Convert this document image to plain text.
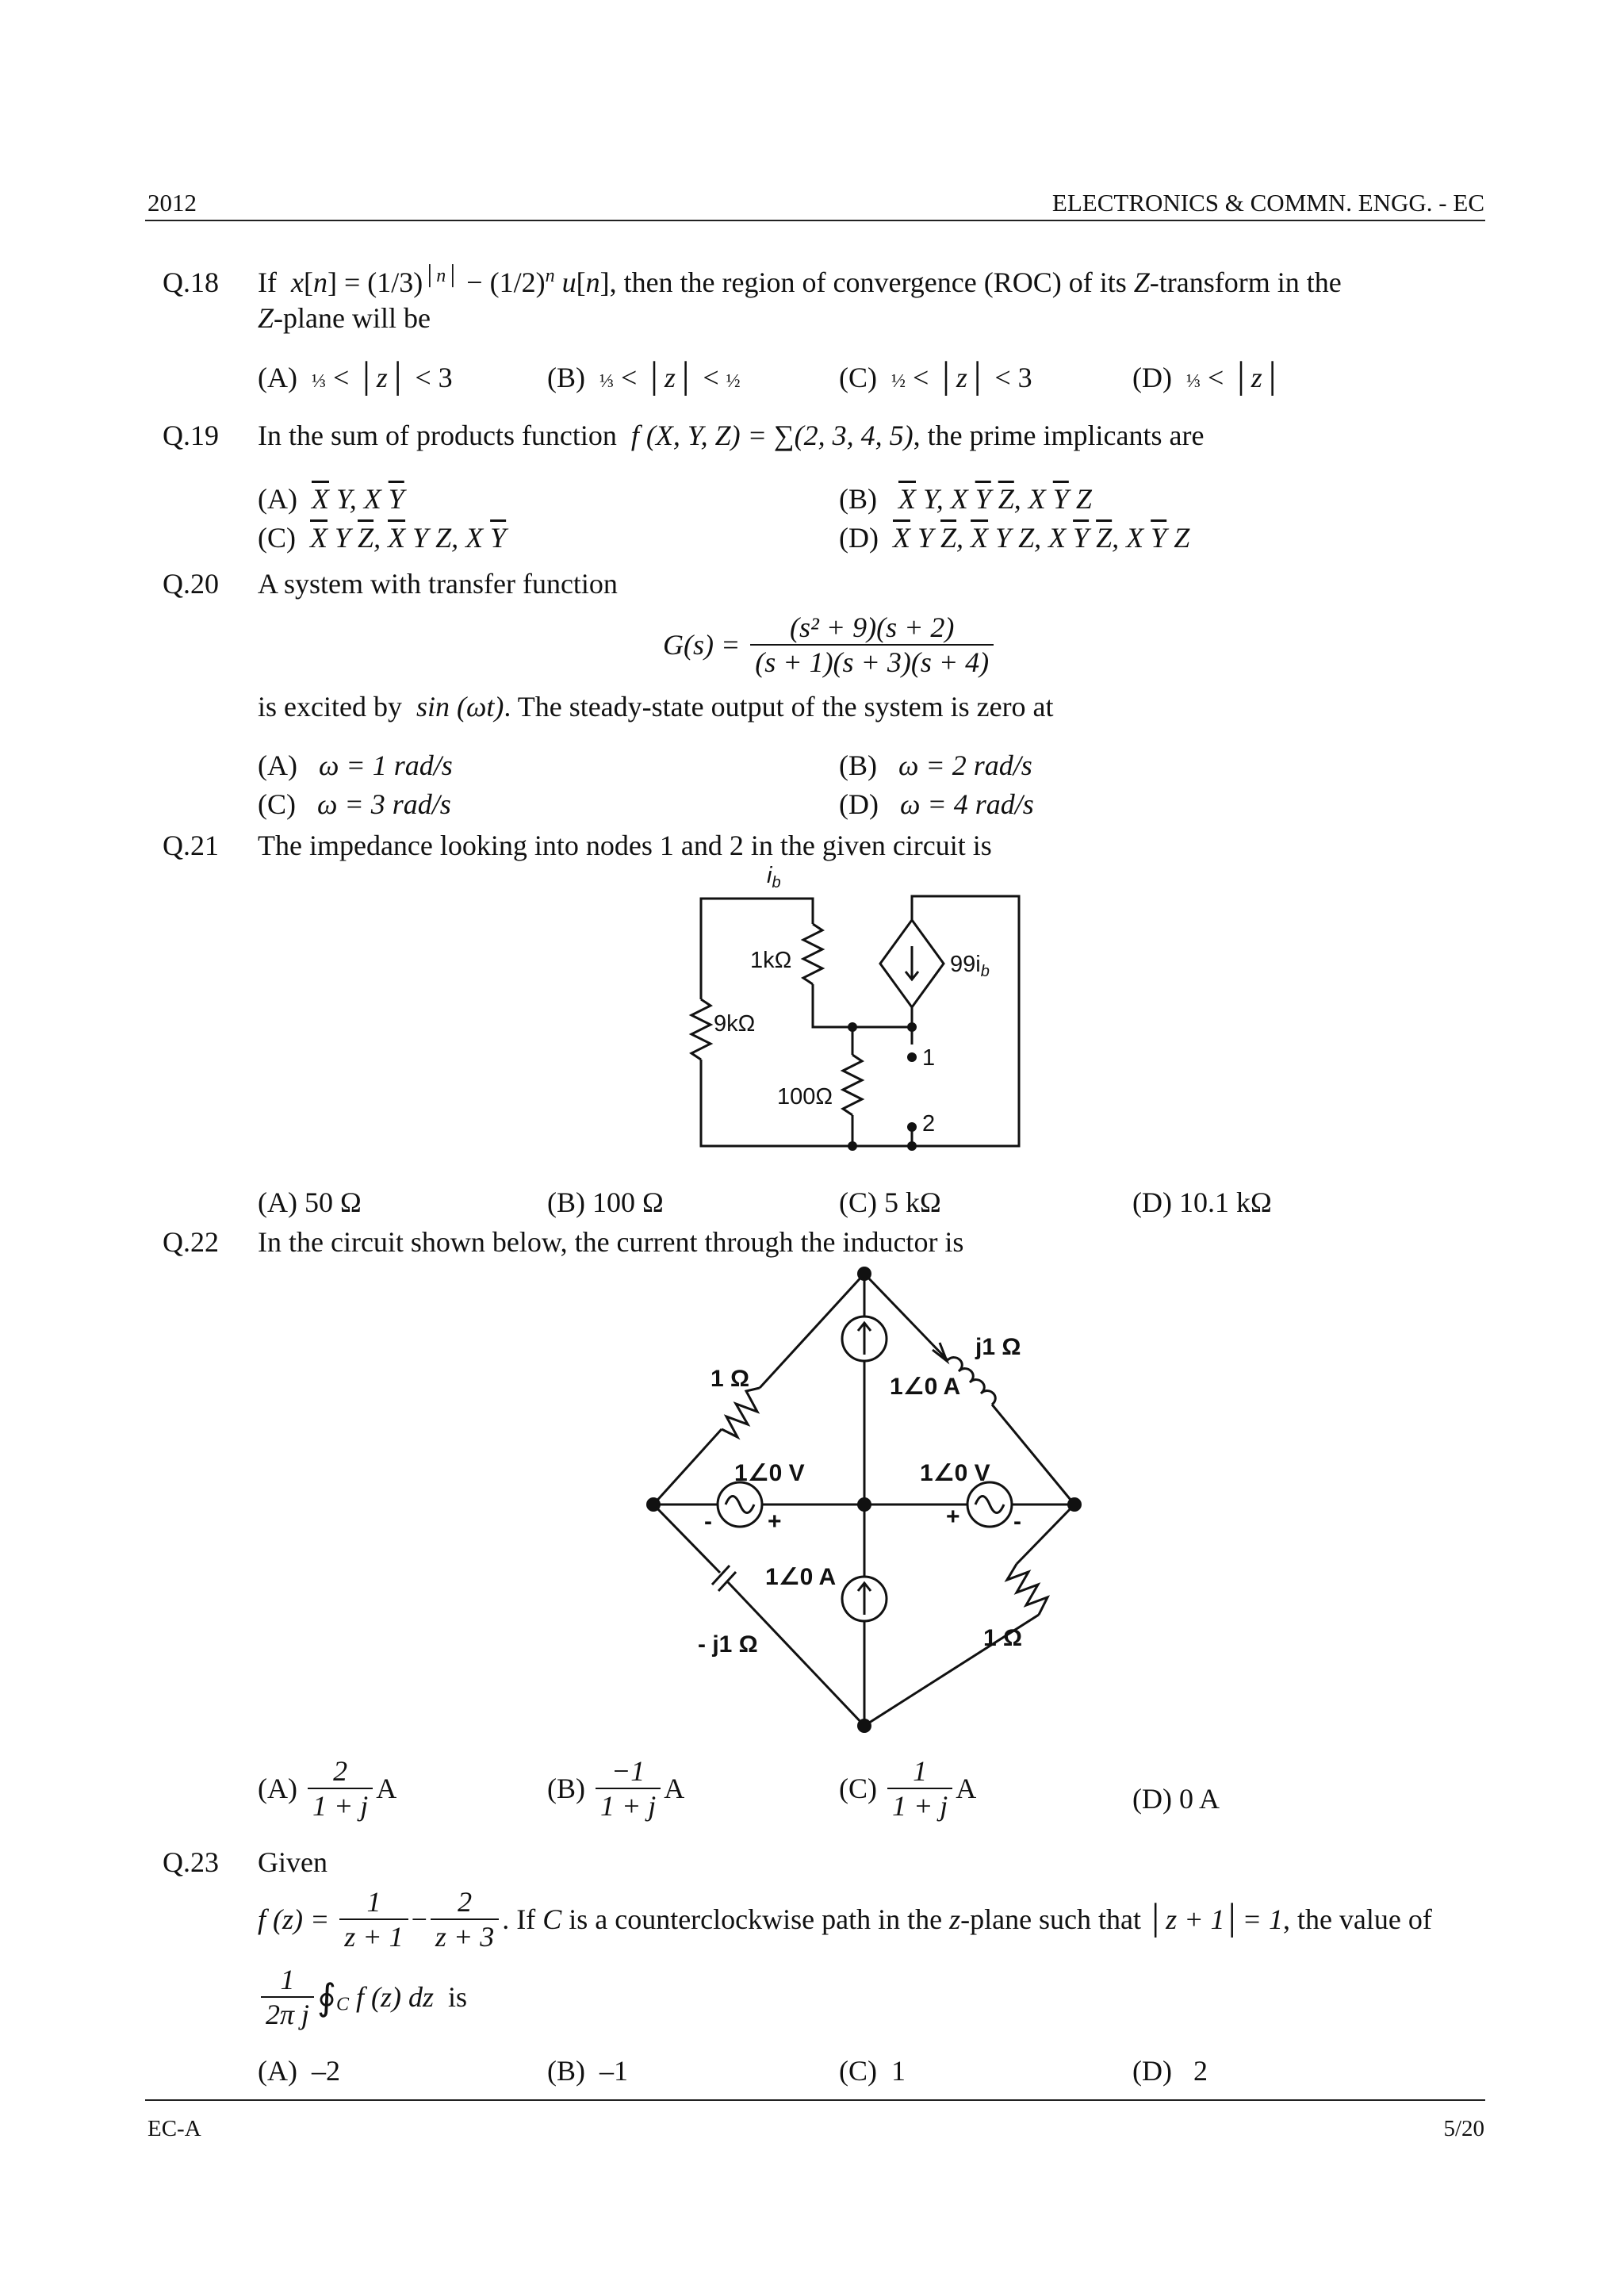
2012	ELECTRONICS & COMMN. ENGG. - EC
Q.18 If $x[n] = (1/3)^{│n│} - (1/2)^n$ u[n], then the region of convergence (ROC) of its Z-transform in the
Z-plane will be
(A) ⅓ < │z│ < 3	(B) ⅓ < │z│ < ½	(C) ½ < │z│ < 3	(D) ⅓ < │z│
Q.19 In the sum of products function f (X, Y, Z) = ∑(2, 3, 4, 5), the prime implicants are
(A) $\overline{X}$ Y, X $\overline{Y}$	(B) $\overline{X}$ Y, X $\overline{Y}$ $\overline{Z}$, X $\overline{Y}$ Z
(C) $\overline{X}$ Y $\overline{Z}$, $\overline{X}$ Y Z, X $\overline{Y}$	(D) $\overline{X}$ Y $\overline{Z}$, $\overline{X}$ Y Z, X $\overline{Y}$ $\overline{Z}$, X $\overline{Y}$ Z
Q.20 A system with transfer function
$G(s) = \frac{\text{(s² + 9)(s + 2)}}{(s + 1)(s + 3)(s + 4)}$
is excited by sin (ωt). The steady-state output of the system is zero at
(A) ω = 1 rad/s	(B) ω = 2 rad/s
(C) ω = 3 rad/s	(D) ω = 4 rad/s
Q.21 The impedance looking into nodes 1 and 2 in the given circuit is
$i_b$
1kΩ
9kΩ
100Ω
$99i_b$
1
2
(A) 50 Ω	(B) 100 Ω	(C) 5 kΩ	(D) 10.1 kΩ
Q.22 In the circuit shown below, the current through the inductor is
1 Ω
j1 Ω
1∠0 A
1∠0 V	1∠0 V
1∠0 A
- j1 Ω	1 Ω
- +	+ -
$(A) \frac{2}{1 + j}$ A	$(B) \frac{-1}{1 + j}$ A	$(C) \frac{1}{1 + j}$ A	(D) 0 A
Q.23 Given
f $(z) = \frac{1}{z + 1} - \frac{2}{z + 3}$ . If C is a counterclockwise path in the z-plane such that │z + 1│= 1, the value of
$\frac{1}{\text{2π j}}$ $∮_C$ f (z) dz is
(A) –2	(B) –1	(C) 1	(D) 2
EC-A	5/20
